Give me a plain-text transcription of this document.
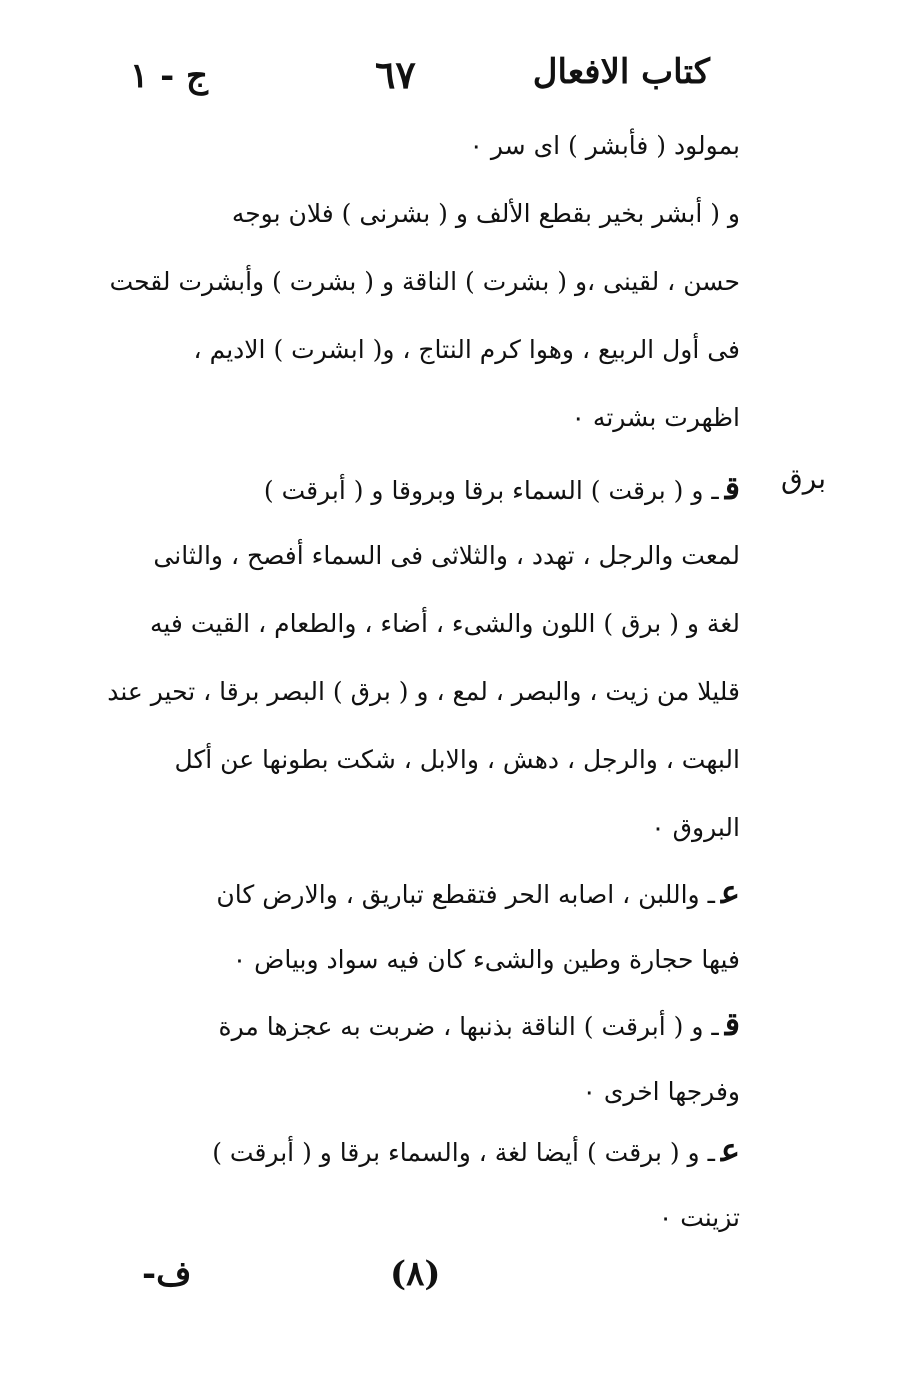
كتاب الافعال
٦٧
ج - ١
برق
بمولود ( فأبشر ) اى سر ٠
و ( أبشر بخير بقطع الألف و ( بشرنى ) فلان بوجه
حسن ، لقينى ،و ( بشرت ) الناقة و ( بشرت ) وأبشرت لقحت
فى أول الربيع ، وهوا كرم النتاج ، و( ابشرت ) الاديم ،
اظهرت بشرته ٠
قـ و ( برقت ) السماء برقا وبروقا و ( أبرقت )
لمعت والرجل ، تهدد ، والثلاثى فى السماء أفصح ، والثانى
لغة و ( برق ) اللون والشىء ، أضاء ، والطعام ، القيت فيه
قليلا من زيت ، والبصر ، لمع ، و ( برق ) البصر برقا ، تحير عند
البهت ، والرجل ، دهش ، والابل ، شكت بطونها عن أكل
البروق ٠
عـ واللبن ، اصابه الحر فتقطع تباريق ، والارض كان
فيها حجارة وطين والشىء كان فيه سواد وبياض ٠
قـ و ( أبرقت ) الناقة بذنبها ، ضربت به عجزها مرة
وفرجها اخرى ٠
عـ و ( برقت ) أيضا لغة ، والسماء برقا و ( أبرقت )
تزينت ٠
(٨)
ف-
